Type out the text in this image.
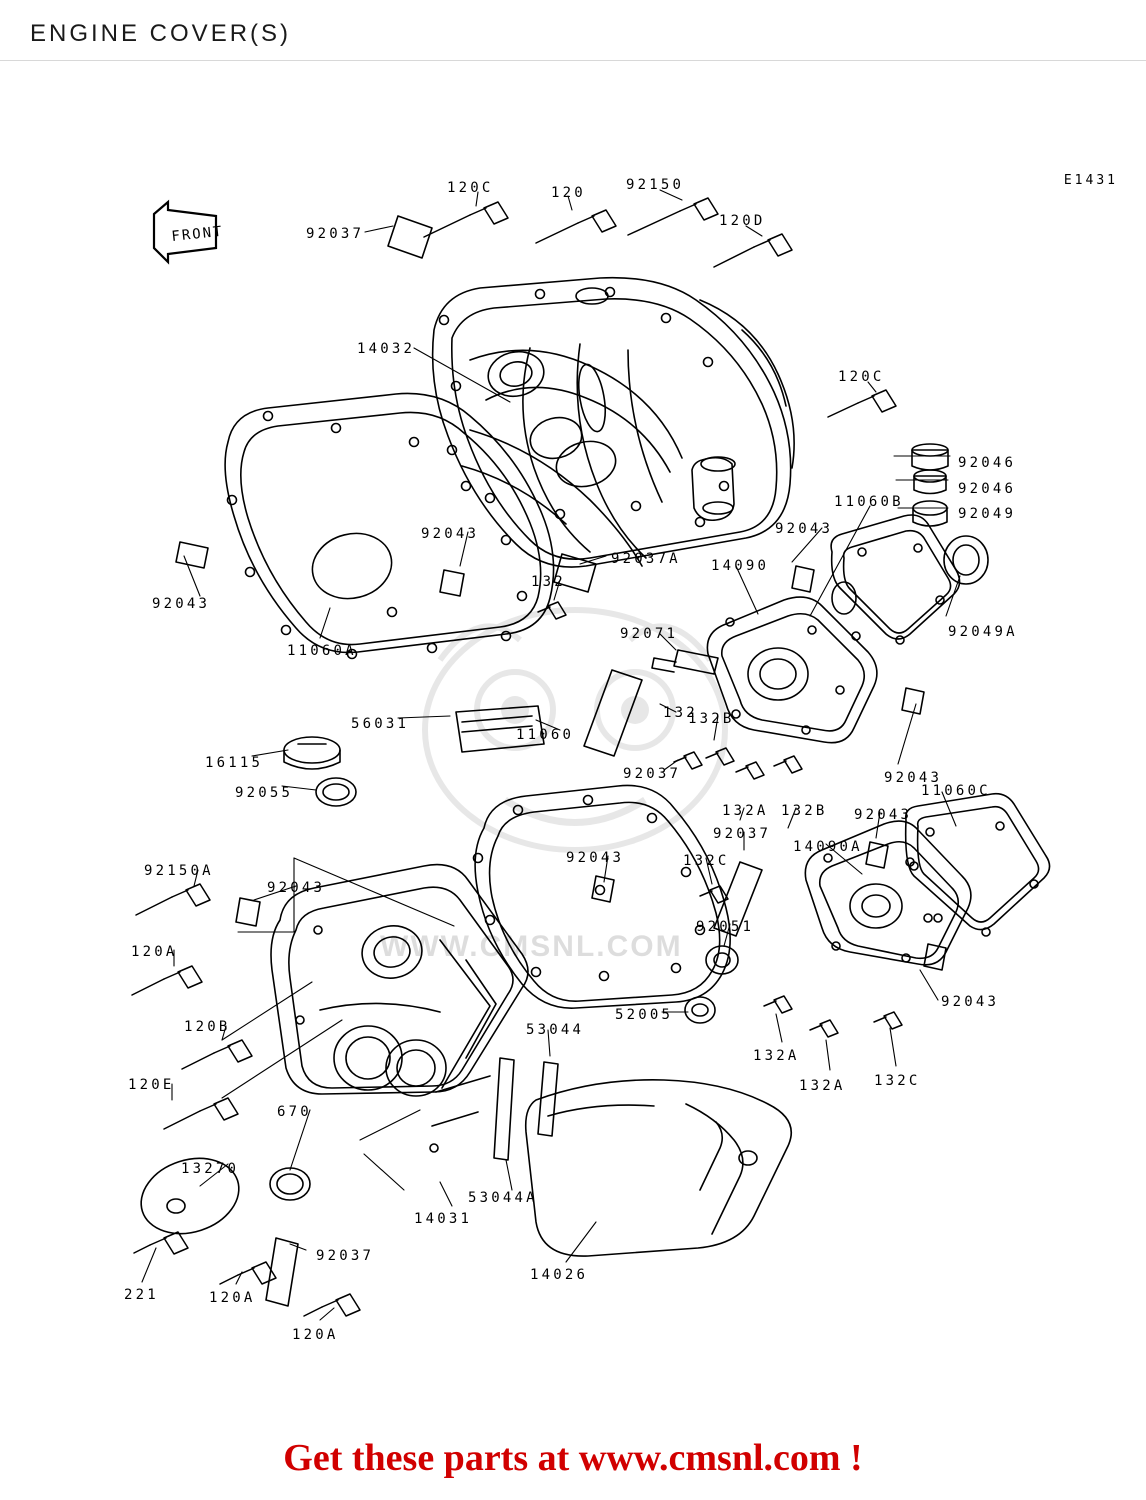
ENGINE COVER(S)
E1431
FRONT
WWW.CMSNL.COM
120C	120	92150
120D
92037
14032
120C
92046
92046
92049
11060B
92043
92043
92037A 14090
132
92049A
92043
11060A
92071
132
132B
56031
11060
92043
16115
92037
92055	11060C
132A 132B 92043
92037
14090A
92043	132C
92150A
92043
92051
120A
92043
52005
120B	53044
132A
120E	132A 132C
670
13270
53044A
14031
14026
92037
221	120A
120A
Get these parts at www.cmsnl.com !
